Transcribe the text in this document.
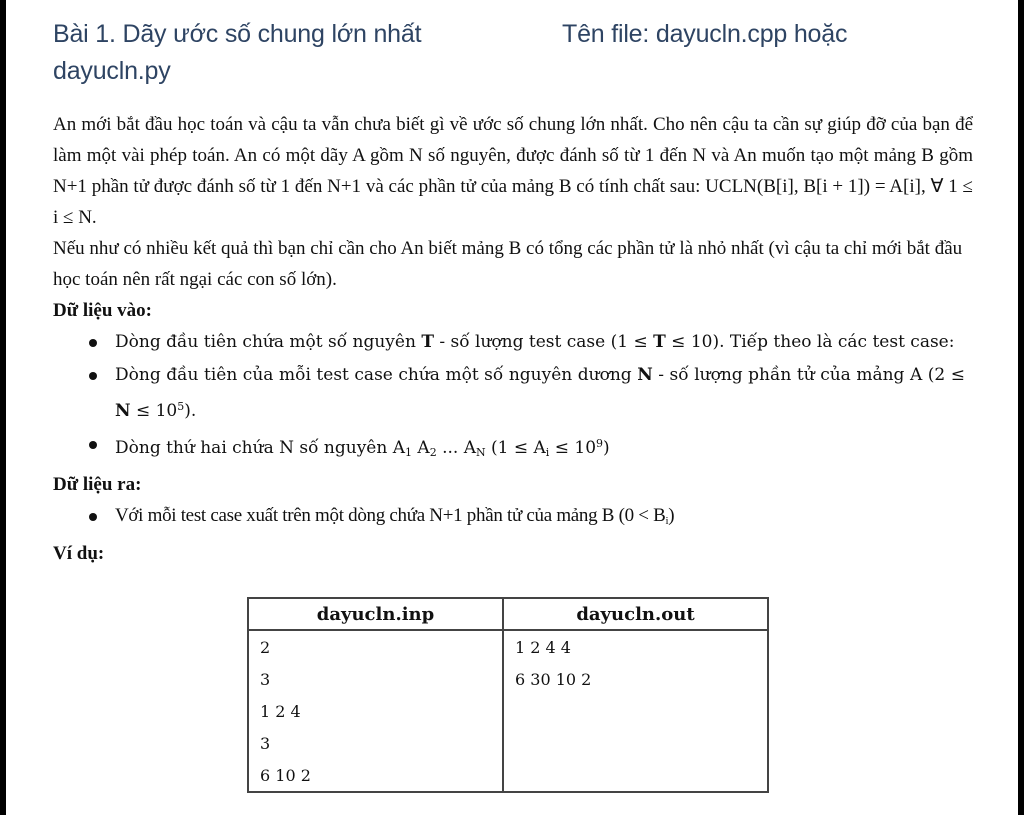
Bài 1. Dãy ước số chung lớn nhất	Tên file: dayucln.cpp hoặc
dayucln.py

An mới bắt đầu học toán và cậu ta vẫn chưa biết gì về ước số chung lớn nhất. Cho nên cậu ta cần sự giúp đỡ của bạn để làm một vài phép toán. An có một dãy A gồm N số nguyên, được đánh số từ 1 đến N và An muốn tạo một mảng B gồm N+1 phần tử được đánh số từ 1 đến N+1 và các phần tử của mảng B có tính chất sau: UCLN(B[i], B[i + 1]) = A[i], ∀ 1 ≤ i ≤ N.

Nếu như có nhiều kết quả thì bạn chỉ cần cho An biết mảng B có tổng các phần tử là nhỏ nhất (vì cậu ta chỉ mới bắt đầu học toán nên rất ngại các con số lớn).

Dữ liệu vào:
Dòng đầu tiên chứa một số nguyên T - số lượng test case (1 ≤ T ≤ 10). Tiếp theo là các test case:
Dòng đầu tiên của mỗi test case chứa một số nguyên dương N - số lượng phần tử của mảng A $(2 \le N \le 10^5)$.
Dòng thứ hai chứa N số nguyên $A_1$ $A_2$ ... $A_N$ $(1 \le A_i \le 10^9)$
Dữ liệu ra:
Với mỗi test case xuất trên một dòng chứa N+1 phần tử của mảng B $(0 < B_i)$
Ví dụ:
dayucln.inp	dayucln.out
2	1 2 4 4
3	6 30 10 2
1 2 4	
3	
6 10 2	
